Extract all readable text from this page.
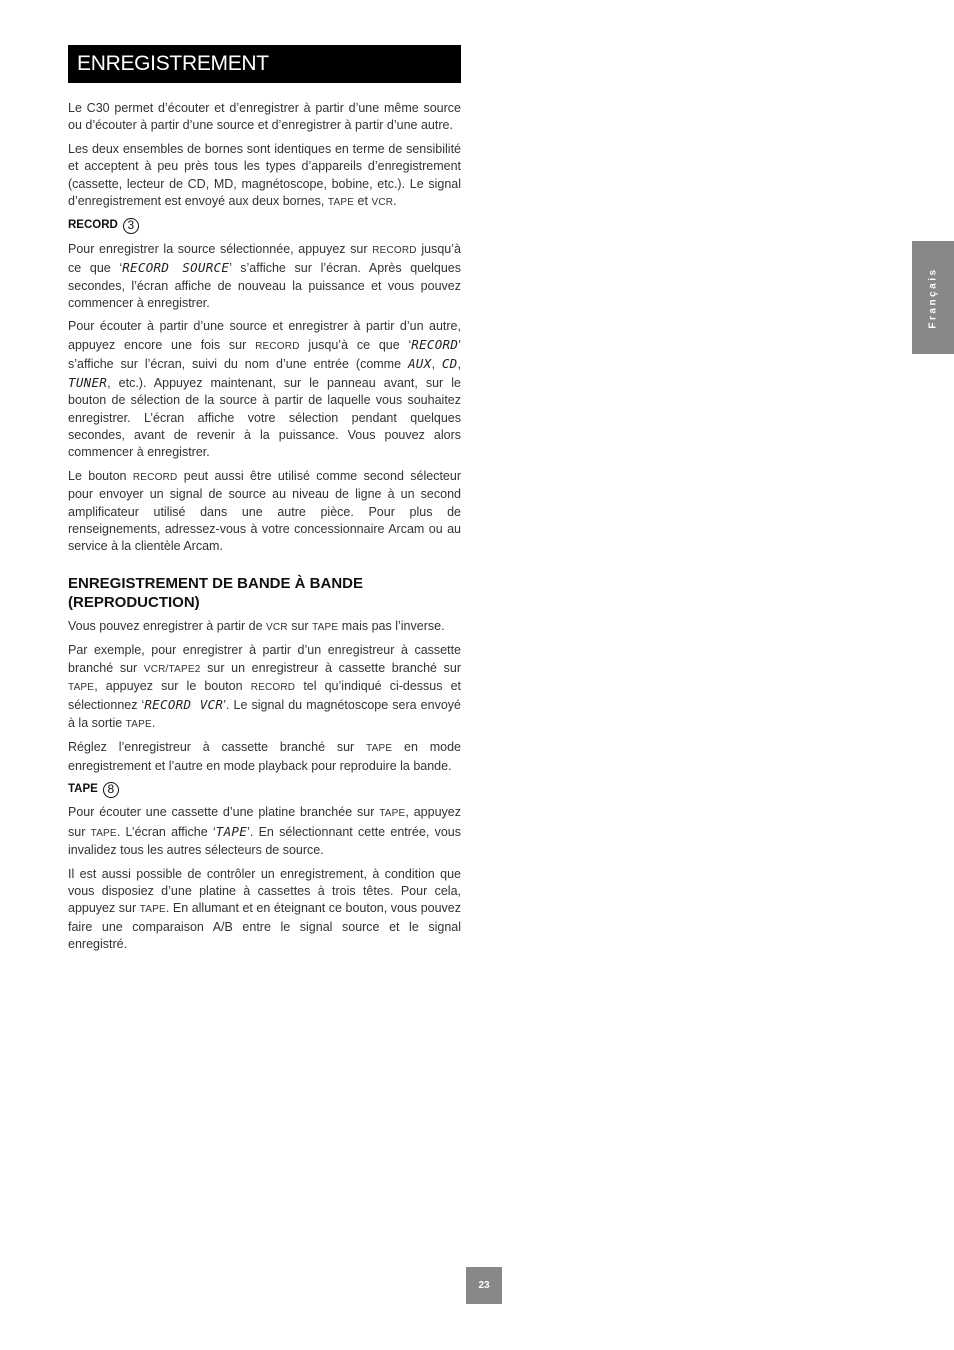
ENREGISTREMENT
Français

Le C30 permet d’écouter et d’enregistrer à partir d’une même source ou d’écouter à partir d’une source et d’enregistrer à partir d’une autre.

Les deux ensembles de bornes sont identiques en terme de sensibilité et acceptent à peu près tous les types d’appareils d’enregistrement (cassette, lecteur de CD, MD, magnétoscope, bobine, etc.). Le signal d’enregistrement est envoyé aux deux bornes, TAPE et VCR.

RECORD 3

Pour enregistrer la source sélectionnée, appuyez sur RECORD jusqu’à ce que ‘RECORD SOURCE’ s’affiche sur l’écran. Après quelques secondes, l’écran affiche de nouveau la puissance et vous pouvez commencer à enregistrer.

Pour écouter à partir d’une source et enregistrer à partir d’un autre, appuyez encore une fois sur RECORD jusqu’à ce que ‘RECORD’ s’affiche sur l’écran, suivi du nom d’une entrée (comme AUX, CD, TUNER, etc.). Appuyez maintenant, sur le panneau avant, sur le bouton de sélection de la source à partir de laquelle vous souhaitez enregistrer. L’écran affiche votre sélection pendant quelques secondes, avant de revenir à la puissance. Vous pouvez alors commencer à enregistrer.

Le bouton RECORD peut aussi être utilisé comme second sélecteur pour envoyer un signal de source au niveau de ligne à un second amplificateur utilisé dans une autre pièce. Pour plus de renseignements, adressez-vous à votre concessionnaire Arcam ou au service à la clientèle Arcam.

ENREGISTREMENT DE BANDE À BANDE (REPRODUCTION)

Vous pouvez enregistrer à partir de VCR sur TAPE mais pas l’inverse.

Par exemple, pour enregistrer à partir d’un enregistreur à cassette branché sur VCR/TAPE2 sur un enregistreur à cassette branché sur TAPE, appuyez sur le bouton RECORD tel qu’indiqué ci-dessus et sélectionnez ‘RECORD VCR’. Le signal du magnétoscope sera envoyé à la sortie TAPE.

Réglez l’enregistreur à cassette branché sur TAPE en mode enregistrement et l’autre en mode playback pour reproduire la bande.

TAPE 8

Pour écouter une cassette d’une platine branchée sur TAPE, appuyez sur TAPE. L’écran affiche ‘TAPE’. En sélectionnant cette entrée, vous invalidez tous les autres sélecteurs de source.

Il est aussi possible de contrôler un enregistrement, à condition que vous disposiez d’une platine à cassettes à trois têtes. Pour cela, appuyez sur TAPE. En allumant et en éteignant ce bouton, vous pouvez faire une comparaison A/B entre le signal source et le signal enregistré.

23
